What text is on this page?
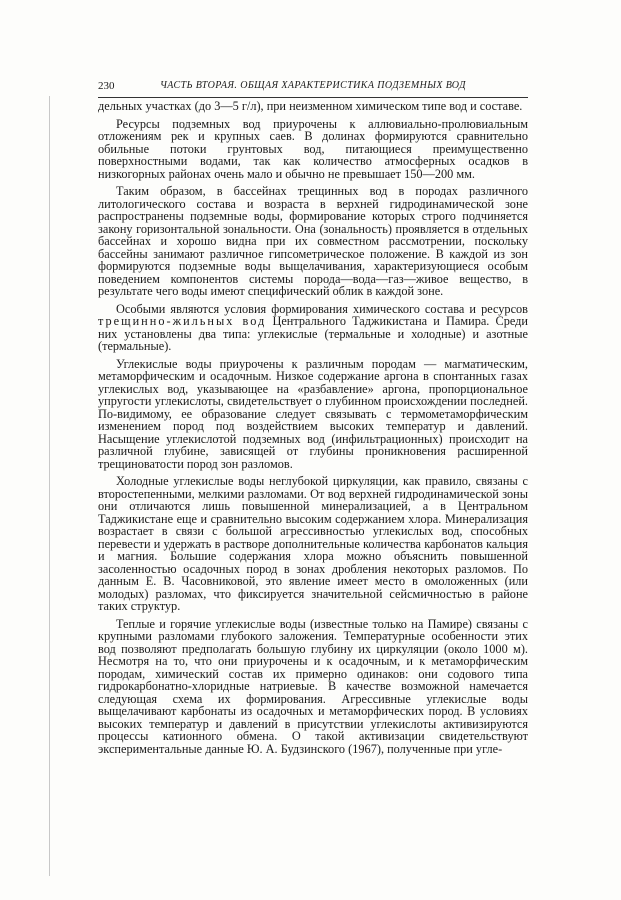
230	ЧАСТЬ ВТОРАЯ. ОБЩАЯ ХАРАКТЕРИСТИКА ПОДЗЕМНЫХ ВОД

дельных участках (до 3—5 г/л), при неизменном химическом типе вод и составе.

Ресурсы подземных вод приурочены к аллювиально-пролювиальным отложениям рек и крупных саев. В долинах формируются сравнительно обильные потоки грунтовых вод, питающиеся преимущественно поверхностными водами, так как количество атмосферных осадков в низкогорных районах очень мало и обычно не превышает 150—200 мм.

Таким образом, в бассейнах трещинных вод в породах различного литологического состава и возраста в верхней гидродинамической зоне распространены подземные воды, формирование которых строго подчиняется закону горизонтальной зональности. Она (зональность) проявляется в отдельных бассейнах и хорошо видна при их совместном рассмотрении, поскольку бассейны занимают различное гипсометрическое положение. В каждой из зон формируются подземные воды выщелачивания, характеризующиеся особым поведением компонентов системы порода—вода—газ—живое вещество, в результате чего воды имеют специфический облик в каждой зоне.

Особыми являются условия формирования химического состава и ресурсов трещинно-жильных вод Центрального Таджикистана и Памира. Среди них установлены два типа: углекислые (термальные и холодные) и азотные (термальные).

Углекислые воды приурочены к различным породам — магматическим, метаморфическим и осадочным. Низкое содержание аргона в спонтанных газах углекислых вод, указывающее на «разбавление» аргона, пропорциональное упругости углекислоты, свидетельствует о глубинном происхождении последней. По-видимому, ее образование следует связывать с термометаморфическим изменением пород под воздействием высоких температур и давлений. Насыщение углекислотой подземных вод (инфильтрационных) происходит на различной глубине, зависящей от глубины проникновения расширенной трещиноватости пород зон разломов.

Холодные углекислые воды неглубокой циркуляции, как правило, связаны с второстепенными, мелкими разломами. От вод верхней гидродинамической зоны они отличаются лишь повышенной минерализацией, а в Центральном Таджикистане еще и сравнительно высоким содержанием хлора. Минерализация возрастает в связи с большой агрессивностью углекислых вод, способных перевести и удержать в растворе дополнительные количества карбонатов кальция и магния. Большие содержания хлора можно объяснить повышенной засоленностью осадочных пород в зонах дробления некоторых разломов. По данным Е. В. Часовниковой, это явление имеет место в омоложенных (или молодых) разломах, что фиксируется значительной сейсмичностью в районе таких структур.

Теплые и горячие углекислые воды (известные только на Памире) связаны с крупными разломами глубокого заложения. Температурные особенности этих вод позволяют предполагать большую глубину их циркуляции (около 1000 м). Несмотря на то, что они приурочены и к осадочным, и к метаморфическим породам, химический состав их примерно одинаков: они содового типа гидрокарбонатно-хлоридные натриевые. В качестве возможной намечается следующая схема их формирования. Агрессивные углекислые воды выщелачивают карбонаты из осадочных и метаморфических пород. В условиях высоких температур и давлений в присутствии углекислоты активизируются процессы катионного обмена. О такой активизации свидетельствуют экспериментальные данные Ю. А. Будзинского (1967), полученные при угле-
